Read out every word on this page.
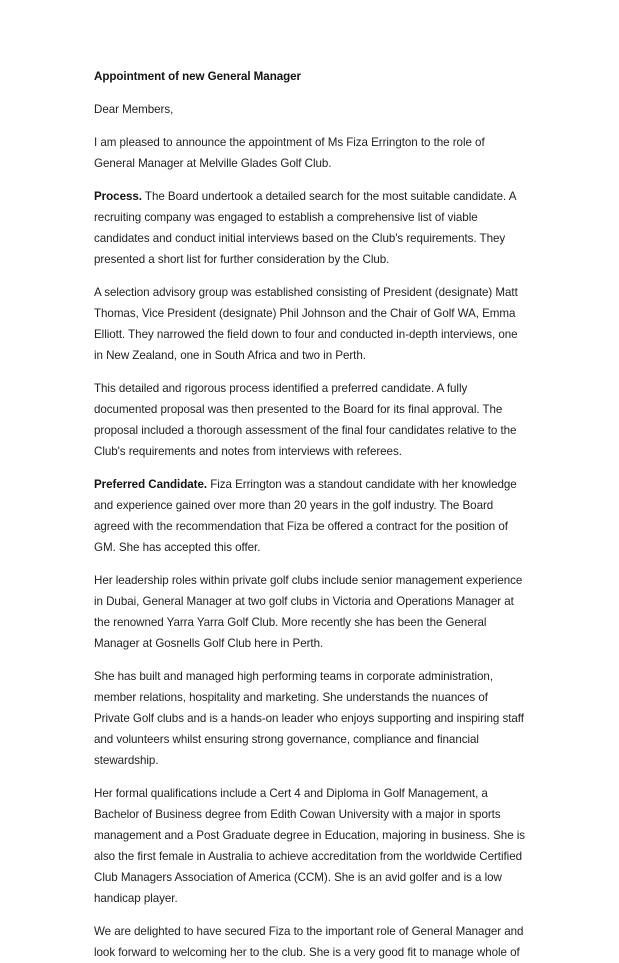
Appointment of new General Manager

Dear Members,

I am pleased to announce the appointment of Ms Fiza Errington to the role of General Manager at Melville Glades Golf Club.

Process. The Board undertook a detailed search for the most suitable candidate. A recruiting company was engaged to establish a comprehensive list of viable candidates and conduct initial interviews based on the Club's requirements. They presented a short list for further consideration by the Club.

A selection advisory group was established consisting of President (designate) Matt Thomas, Vice President (designate) Phil Johnson and the Chair of Golf WA, Emma Elliott. They narrowed the field down to four and conducted in-depth interviews, one in New Zealand, one in South Africa and two in Perth.

This detailed and rigorous process identified a preferred candidate. A fully documented proposal was then presented to the Board for its final approval. The proposal included a thorough assessment of the final four candidates relative to the Club's requirements and notes from interviews with referees.

Preferred Candidate. Fiza Errington was a standout candidate with her knowledge and experience gained over more than 20 years in the golf industry. The Board agreed with the recommendation that Fiza be offered a contract for the position of GM. She has accepted this offer.

Her leadership roles within private golf clubs include senior management experience in Dubai, General Manager at two golf clubs in Victoria and Operations Manager at the renowned Yarra Yarra Golf Club. More recently she has been the General Manager at Gosnells Golf Club here in Perth.

She has built and managed high performing teams in corporate administration, member relations, hospitality and marketing. She understands the nuances of Private Golf clubs and is a hands-on leader who enjoys supporting and inspiring staff and volunteers whilst ensuring strong governance, compliance and financial stewardship.

Her formal qualifications include a Cert 4 and Diploma in Golf Management, a Bachelor of Business degree from Edith Cowan University with a major in sports management and a Post Graduate degree in Education, majoring in business. She is also the first female in Australia to achieve accreditation from the worldwide Certified Club Managers Association of America (CCM). She is an avid golfer and is a low handicap player.

We are delighted to have secured Fiza to the important role of General Manager and look forward to welcoming her to the club. She is a very good fit to manage whole of
